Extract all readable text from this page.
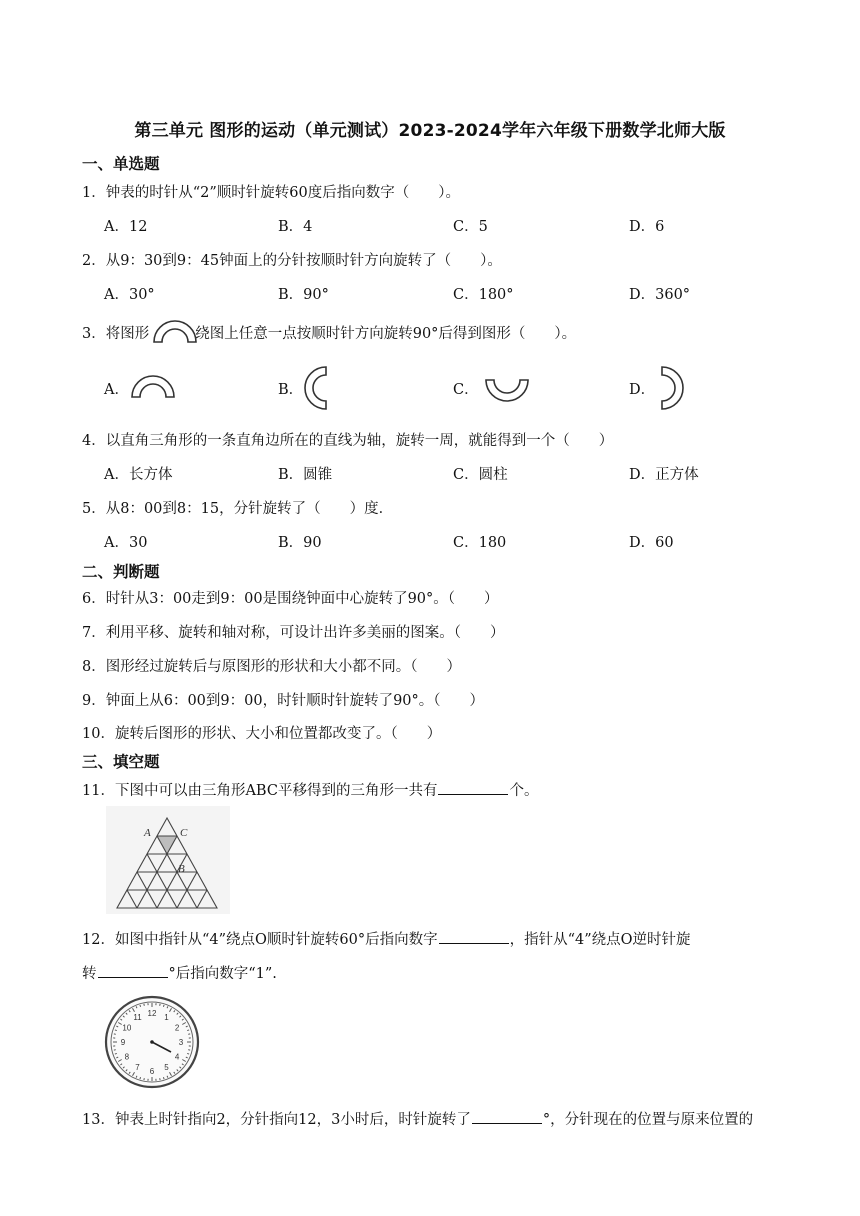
第三单元 图形的运动（单元测试）2023-2024学年六年级下册数学北师大版
一、单选题
1．钟表的时针从“2”顺时针旋转60度后指向数字（　　）。
A．12	B．4	C．5	D．6
2．从9：30到9：45钟面上的分针按顺时针方向旋转了（　　）。
A．30°	B．90°	C．180°	D．360°
3．将图形	绕图上任意一点按顺时针方向旋转90°后得到图形（　　）。
A．	B．	C．	D．
4．以直角三角形的一条直角边所在的直线为轴，旋转一周，就能得到一个（　　）
A．长方体	B．圆锥	C．圆柱	D．正方体
5．从8：00到8：15，分针旋转了（　　）度．
A．30	B．90	C．180	D．60
二、判断题
6．时针从3：00走到9：00是围绕钟面中心旋转了90°。（　　）
7．利用平移、旋转和轴对称，可设计出许多美丽的图案。（　　）
8．图形经过旋转后与原图形的形状和大小都不同。（　　）
9．钟面上从6：00到9：00，时针顺时针旋转了90°。（　　）
10．旋转后图形的形状、大小和位置都改变了。（　　）
三、填空题
11．下图中可以由三角形ABC平移得到的三角形一共有	个。
A	C
B
12．如图中指针从“4”绕点O顺时针旋转60°后指向数字	，指针从“4”绕点O逆时针旋
转	°后指向数字“1”.
12 1
2
3
4
5
6
7
8
9
10
11
13．钟表上时针指向2，分针指向12，3小时后，时针旋转了	°，分针现在的位置与原来位置的
